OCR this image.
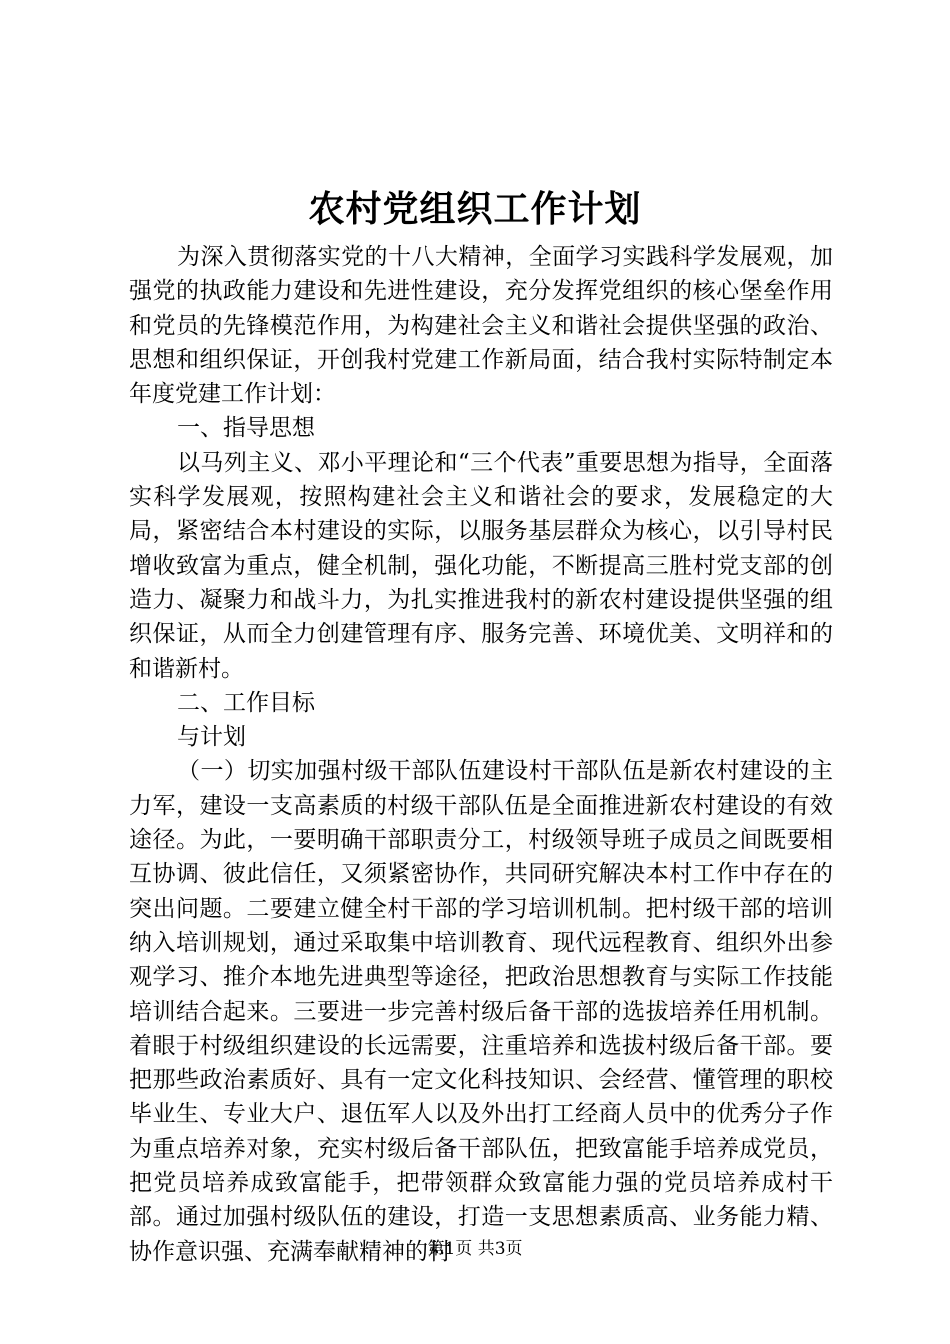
农村党组织工作计划

为深入贯彻落实党的十八大精神，全面学习实践科学发展观，加强党的执政能力建设和先进性建设，充分发挥党组织的核心堡垒作用和党员的先锋模范作用，为构建社会主义和谐社会提供坚强的政治、思想和组织保证，开创我村党建工作新局面，结合我村实际特制定本年度党建工作计划：

一、指导思想

以马列主义、邓小平理论和“三个代表”重要思想为指导，全面落实科学发展观，按照构建社会主义和谐社会的要求，发展稳定的大局，紧密结合本村建设的实际，以服务基层群众为核心，以引导村民增收致富为重点，健全机制，强化功能，不断提高三胜村党支部的创造力、凝聚力和战斗力，为扎实推进我村的新农村建设提供坚强的组织保证，从而全力创建管理有序、服务完善、环境优美、文明祥和的和谐新村。

二、工作目标

与计划

（一）切实加强村级干部队伍建设村干部队伍是新农村建设的主力军，建设一支高素质的村级干部队伍是全面推进新农村建设的有效途径。为此，一要明确干部职责分工，村级领导班子成员之间既要相互协调、彼此信任，又须紧密协作，共同研究解决本村工作中存在的突出问题。二要建立健全村干部的学习培训机制。把村级干部的培训纳入培训规划，通过采取集中培训教育、现代远程教育、组织外出参观学习、推介本地先进典型等途径，把政治思想教育与实际工作技能培训结合起来。三要进一步完善村级后备干部的选拔培养任用机制。着眼于村级组织建设的长远需要，注重培养和选拔村级后备干部。要把那些政治素质好、具有一定文化科技知识、会经营、懂管理的职校毕业生、专业大户、退伍军人以及外出打工经商人员中的优秀分子作为重点培养对象，充实村级后备干部队伍，把致富能手培养成党员，把党员培养成致富能手，把带领群众致富能力强的党员培养成村干部。通过加强村级队伍的建设，打造一支思想素质高、业务能力精、协作意识强、充满奉献精神的村

第1页 共3页
